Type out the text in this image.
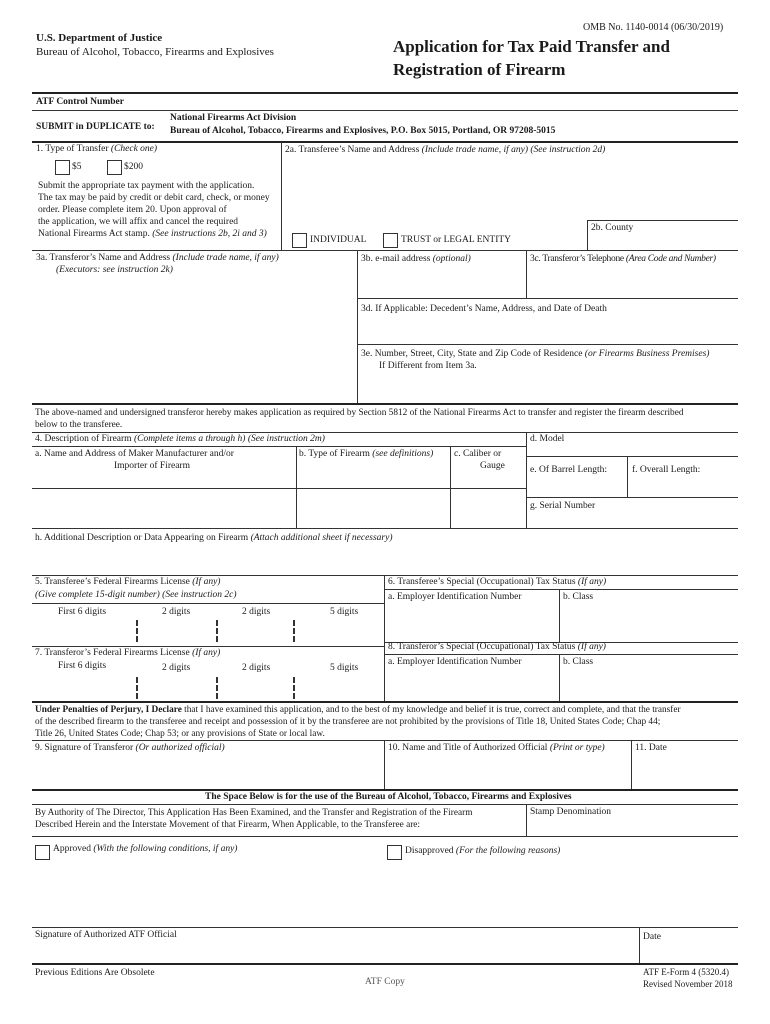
OMB No. 1140-0014 (06/30/2019)
U.S. Department of Justice
Bureau of Alcohol, Tobacco, Firearms and Explosives	Application for Tax Paid Transfer and
Registration of Firearm
ATF Control Number
National Firearms Act Division
SUBMIT in DUPLICATE to: Bureau of Alcohol, Tobacco, Firearms and Explosives, P.O. Box 5015, Portland, OR 97208-5015
1. Type of Transfer (Check one)
$5	$200
Submit the appropriate tax payment with the application.
The tax may be paid by credit or debit card, check, or money
order. Please complete item 20. Upon approval of
the application, we will affix and cancel the required
National Firearms Act stamp. (See instructions 2b, 2i and 3)
2a. Transferee’s Name and Address (Include trade name, if any) (See instruction 2d)
INDIVIDUAL	TRUST or LEGAL ENTITY
2b. County
3a. Transferor’s Name and Address (Include trade name, if any)
(Executors: see instruction 2k)
3b. e-mail address (optional)	3c. Transferor’s Telephone (Area Code and Number)
3d. If Applicable: Decedent’s Name, Address, and Date of Death
3e. Number, Street, City, State and Zip Code of Residence (or Firearms Business Premises)
If Different from Item 3a.
The above-named and undersigned transferor hereby makes application as required by Section 5812 of the National Firearms Act to transfer and register the firearm described
below to the transferee.
4. Description of Firearm (Complete items a through h) (See instruction 2m)	d. Model
a. Name and Address of Maker Manufacturer and/or
Importer of Firearm
b. Type of Firearm (see definitions) c. Caliber or
Gauge	e. Of Barrel Length:	f. Overall Length:
g. Serial Number
h. Additional Description or Data Appearing on Firearm (Attach additional sheet if necessary)
5. Transferee’s Federal Firearms License (If any)
(Give complete 15-digit number) (See instruction 2c)
First 6 digits	2 digits	2 digits	5 digits
6. Transferee’s Special (Occupational) Tax Status (If any)
a. Employer Identification Number	b. Class
7. Transferor’s Federal Firearms License (If any)
First 6 digits	2 digits	2 digits	5 digits
8. Transferor’s Special (Occupational) Tax Status (If any)
a. Employer Identification Number	b. Class
Under Penalties of Perjury, I Declare that I have examined this application, and to the best of my knowledge and belief it is true, correct and complete, and that the transfer
of the described firearm to the transferee and receipt and possession of it by the transferee are not prohibited by the provisions of Title 18, United States Code; Chap 44;
Title 26, United States Code; Chap 53; or any provisions of State or local law.
9. Signature of Transferor (Or authorized official)	10. Name and Title of Authorized Official (Print or type)	11. Date
The Space Below is for the use of the Bureau of Alcohol, Tobacco, Firearms and Explosives
By Authority of The Director, This Application Has Been Examined, and the Transfer and Registration of the Firearm
Described Herein and the Interstate Movement of that Firearm, When Applicable, to the Transferee are:
Stamp Denomination
Approved (With the following conditions, if any)	Disapproved (For the following reasons)
Signature of Authorized ATF Official	Date
Previous Editions Are Obsolete
ATF Copy
ATF E-Form 4 (5320.4)
Revised November 2018
